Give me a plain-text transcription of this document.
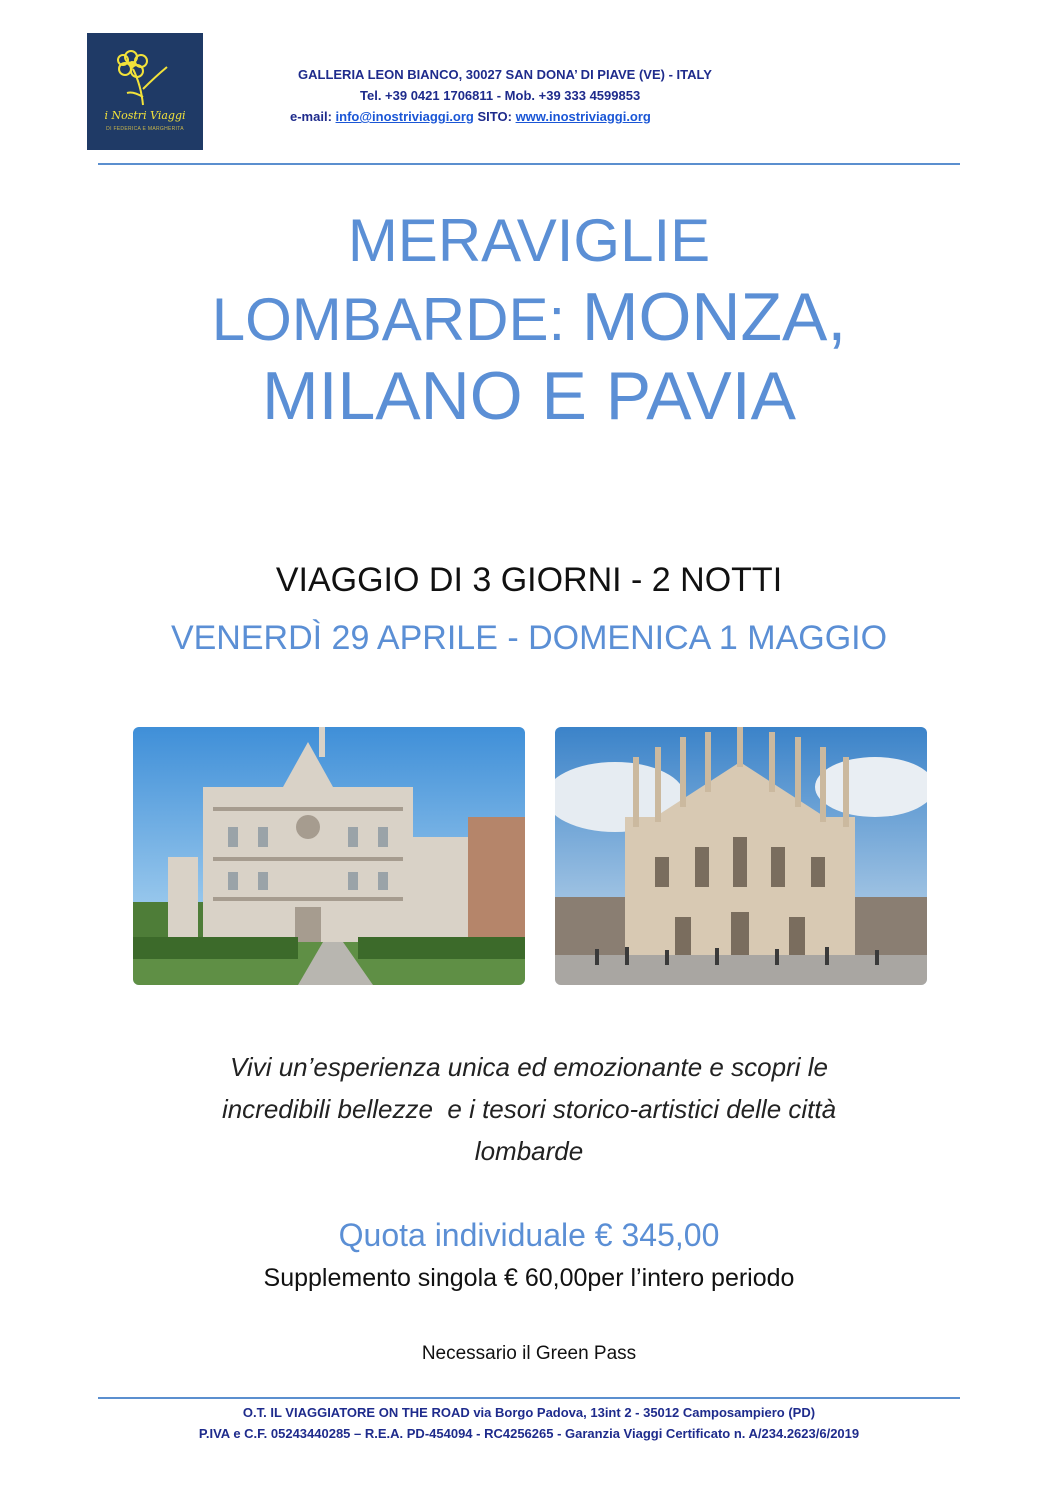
i Nostri Viaggi
DI FEDERICA E MARGHERITA
GALLERIA LEON BIANCO, 30027 SAN DONA’ DI PIAVE (VE) - ITALY
Tel. +39 0421 1706811 - Mob. +39 333 4599853
e-mail: info@inostriviaggi.org SITO: www.inostriviaggi.org
MERAVIGLIE
LOMBARDE: MONZA,
MILANO E PAVIA
VIAGGIO DI 3 GIORNI - 2 NOTTI
VENERDÌ 29 APRILE - DOMENICA 1 MAGGIO
Vivi un’esperienza unica ed emozionante e scopri le
incredibili bellezze  e i tesori storico-artistici delle città
lombarde
Quota individuale € 345,00
Supplemento singola € 60,00per l’intero periodo
Necessario il Green Pass
O.T. IL VIAGGIATORE ON THE ROAD via Borgo Padova, 13int 2 - 35012 Camposampiero (PD)
P.IVA e C.F. 05243440285 – R.E.A. PD-454094 - RC4256265 - Garanzia Viaggi Certificato n. A/234.2623/6/2019
